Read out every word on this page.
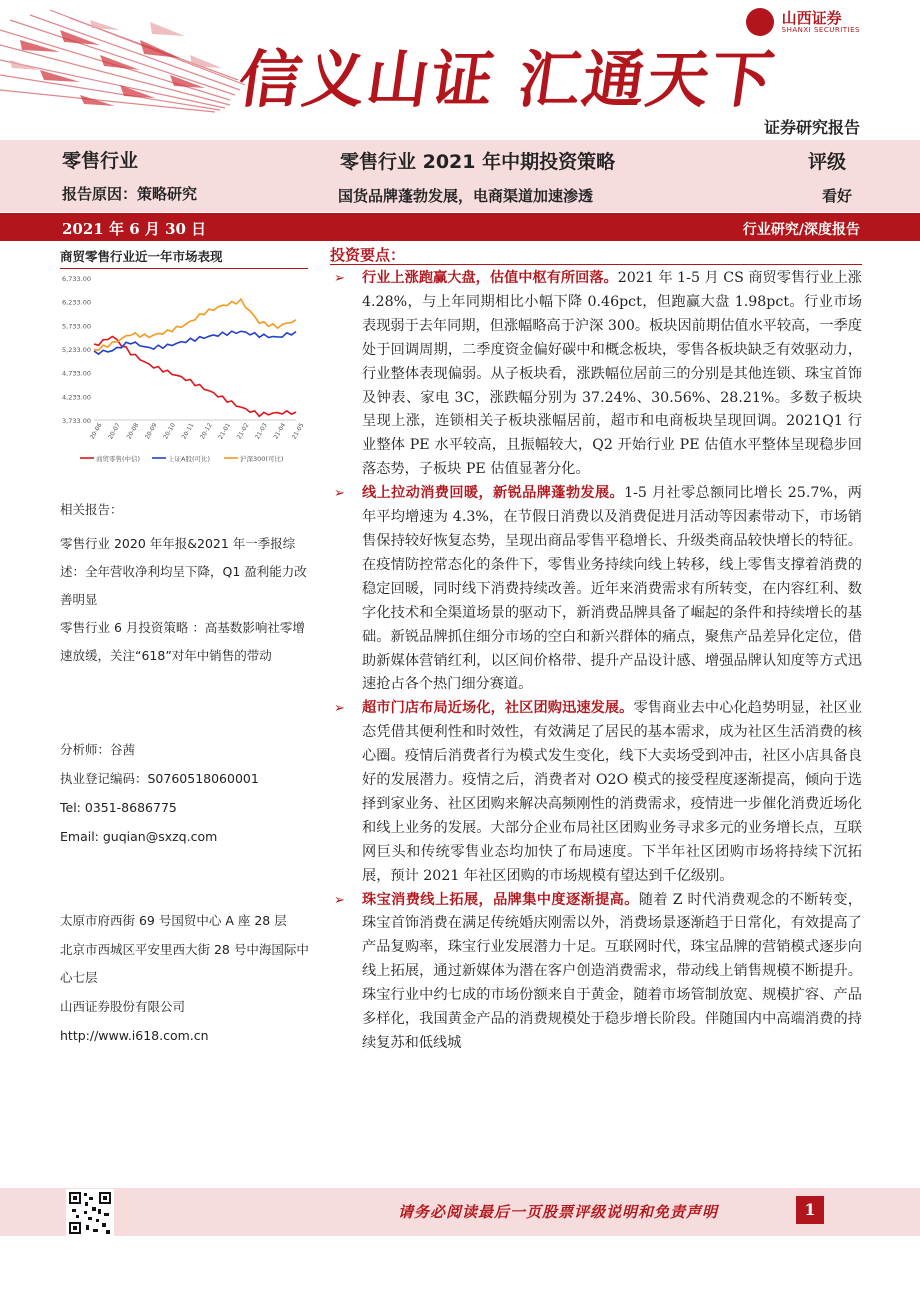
山西证券
SHANXI SECURITIES
信义山证 汇通天下
证券研究报告
零售行业	零售行业 2021 年中期投资策略	评级
报告原因：策略研究	国货品牌蓬勃发展，电商渠道加速渗透	看好
2021 年 6 月 30 日	行业研究/深度报告
商贸零售行业近一年市场表现
3,733.00
4,233.00
4,733.00
5,233.00
5,733.00
6,233.00
6,733.00
20-06 20-07 20-08 20-09 20-10 20-11 20-12 21-01 21-02 21-03 21-04 21-05
商贸零售(中信)	上证A股(可比)	沪深300(可比)
相关报告：
零售行业 2020 年年报&2021 年一季报综述：全年营收净利均呈下降，Q1 盈利能力改善明显
零售行业 6 月投资策略 ：高基数影响社零增速放缓，关注“618”对年中销售的带动
分析师：谷茜
执业登记编码：S0760518060001
Tel: 0351-8686775
Email: guqian@sxzq.com
太原市府西街 69 号国贸中心 A 座 28 层
北京市西城区平安里西大街 28 号中海国际中心七层
山西证券股份有限公司
http://www.i618.com.cn
投资要点：
➢ 行业上涨跑赢大盘，估值中枢有所回落。2021 年 1-5 月 CS 商贸零售行业上涨 4.28%，与上年同期相比小幅下降 0.46pct，但跑赢大盘 1.98pct。行业市场表现弱于去年同期，但涨幅略高于沪深 300。板块因前期估值水平较高，一季度处于回调周期，二季度资金偏好碳中和概念板块，零售各板块缺乏有效驱动力，行业整体表现偏弱。从子板块看，涨跌幅位居前三的分别是其他连锁、珠宝首饰及钟表、家电 3C，涨跌幅分别为 37.24%、30.56%、28.21%。多数子板块呈现上涨，连锁相关子板块涨幅居前，超市和电商板块呈现回调。2021Q1 行业整体 PE 水平较高，且振幅较大，Q2 开始行业 PE 估值水平整体呈现稳步回落态势，子板块 PE 估值显著分化。
➢ 线上拉动消费回暖，新锐品牌蓬勃发展。1-5 月社零总额同比增长 25.7%，两年平均增速为 4.3%，在节假日消费以及消费促进月活动等因素带动下，市场销售保持较好恢复态势，呈现出商品零售平稳增长、升级类商品较快增长的特征。在疫情防控常态化的条件下，零售业务持续向线上转移，线上零售支撑着消费的稳定回暖，同时线下消费持续改善。近年来消费需求有所转变，在内容红利、数字化技术和全渠道场景的驱动下，新消费品牌具备了崛起的条件和持续增长的基础。新锐品牌抓住细分市场的空白和新兴群体的痛点，聚焦产品差异化定位，借助新媒体营销红利，以区间价格带、提升产品设计感、增强品牌认知度等方式迅速抢占各个热门细分赛道。
➢ 超市门店布局近场化，社区团购迅速发展。零售商业去中心化趋势明显，社区业态凭借其便利性和时效性，有效满足了居民的基本需求，成为社区生活消费的核心圈。疫情后消费者行为模式发生变化，线下大卖场受到冲击，社区小店具备良好的发展潜力。疫情之后，消费者对 O2O 模式的接受程度逐渐提高，倾向于选择到家业务、社区团购来解决高频刚性的消费需求，疫情进一步催化消费近场化和线上业务的发展。大部分企业布局社区团购业务寻求多元的业务增长点，互联网巨头和传统零售业态均加快了布局速度。下半年社区团购市场将持续下沉拓展，预计 2021 年社区团购的市场规模有望达到千亿级别。
➢ 珠宝消费线上拓展，品牌集中度逐渐提高。随着 Z 时代消费观念的不断转变，珠宝首饰消费在满足传统婚庆刚需以外，消费场景逐渐趋于日常化，有效提高了产品复购率，珠宝行业发展潜力十足。互联网时代，珠宝品牌的营销模式逐步向线上拓展，通过新媒体为潜在客户创造消费需求，带动线上销售规模不断提升。珠宝行业中约七成的市场份额来自于黄金，随着市场管制放宽、规模扩容、产品多样化，我国黄金产品的消费规模处于稳步增长阶段。伴随国内中高端消费的持续复苏和低线城
请务必阅读最后一页股票评级说明和免责声明	1
